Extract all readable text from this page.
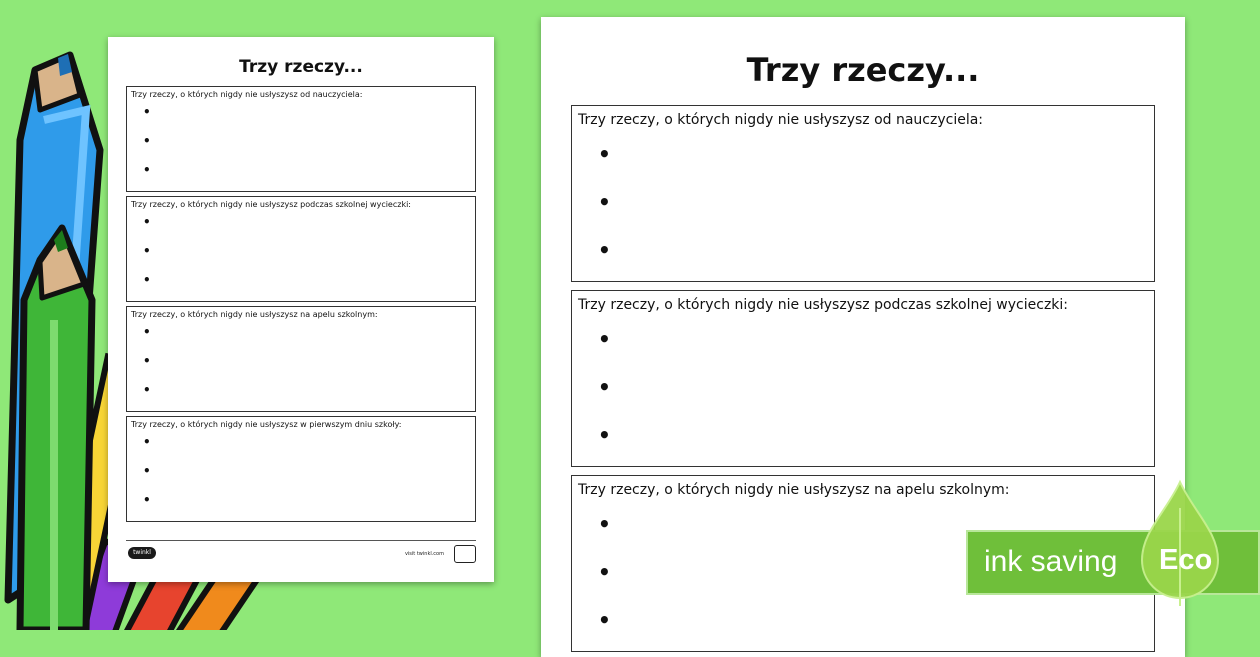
Trzy rzeczy...
Trzy rzeczy, o których nigdy nie usłyszysz od nauczyciela:
•
•
•
Trzy rzeczy, o których nigdy nie usłyszysz podczas szkolnej wycieczki:
•
•
•
Trzy rzeczy, o których nigdy nie usłyszysz na apelu szkolnym:
•
•
•
Trzy rzeczy, o których nigdy nie usłyszysz w pierwszym dniu szkoły:
•
•
•
twinkl	visit twinkl.com
Trzy rzeczy...
Trzy rzeczy, o których nigdy nie usłyszysz od nauczyciela:
•
•
•
Trzy rzeczy, o których nigdy nie usłyszysz podczas szkolnej wycieczki:
•
•
•
Trzy rzeczy, o których nigdy nie usłyszysz na apelu szkolnym:
•
•
•
ink saving Eco
